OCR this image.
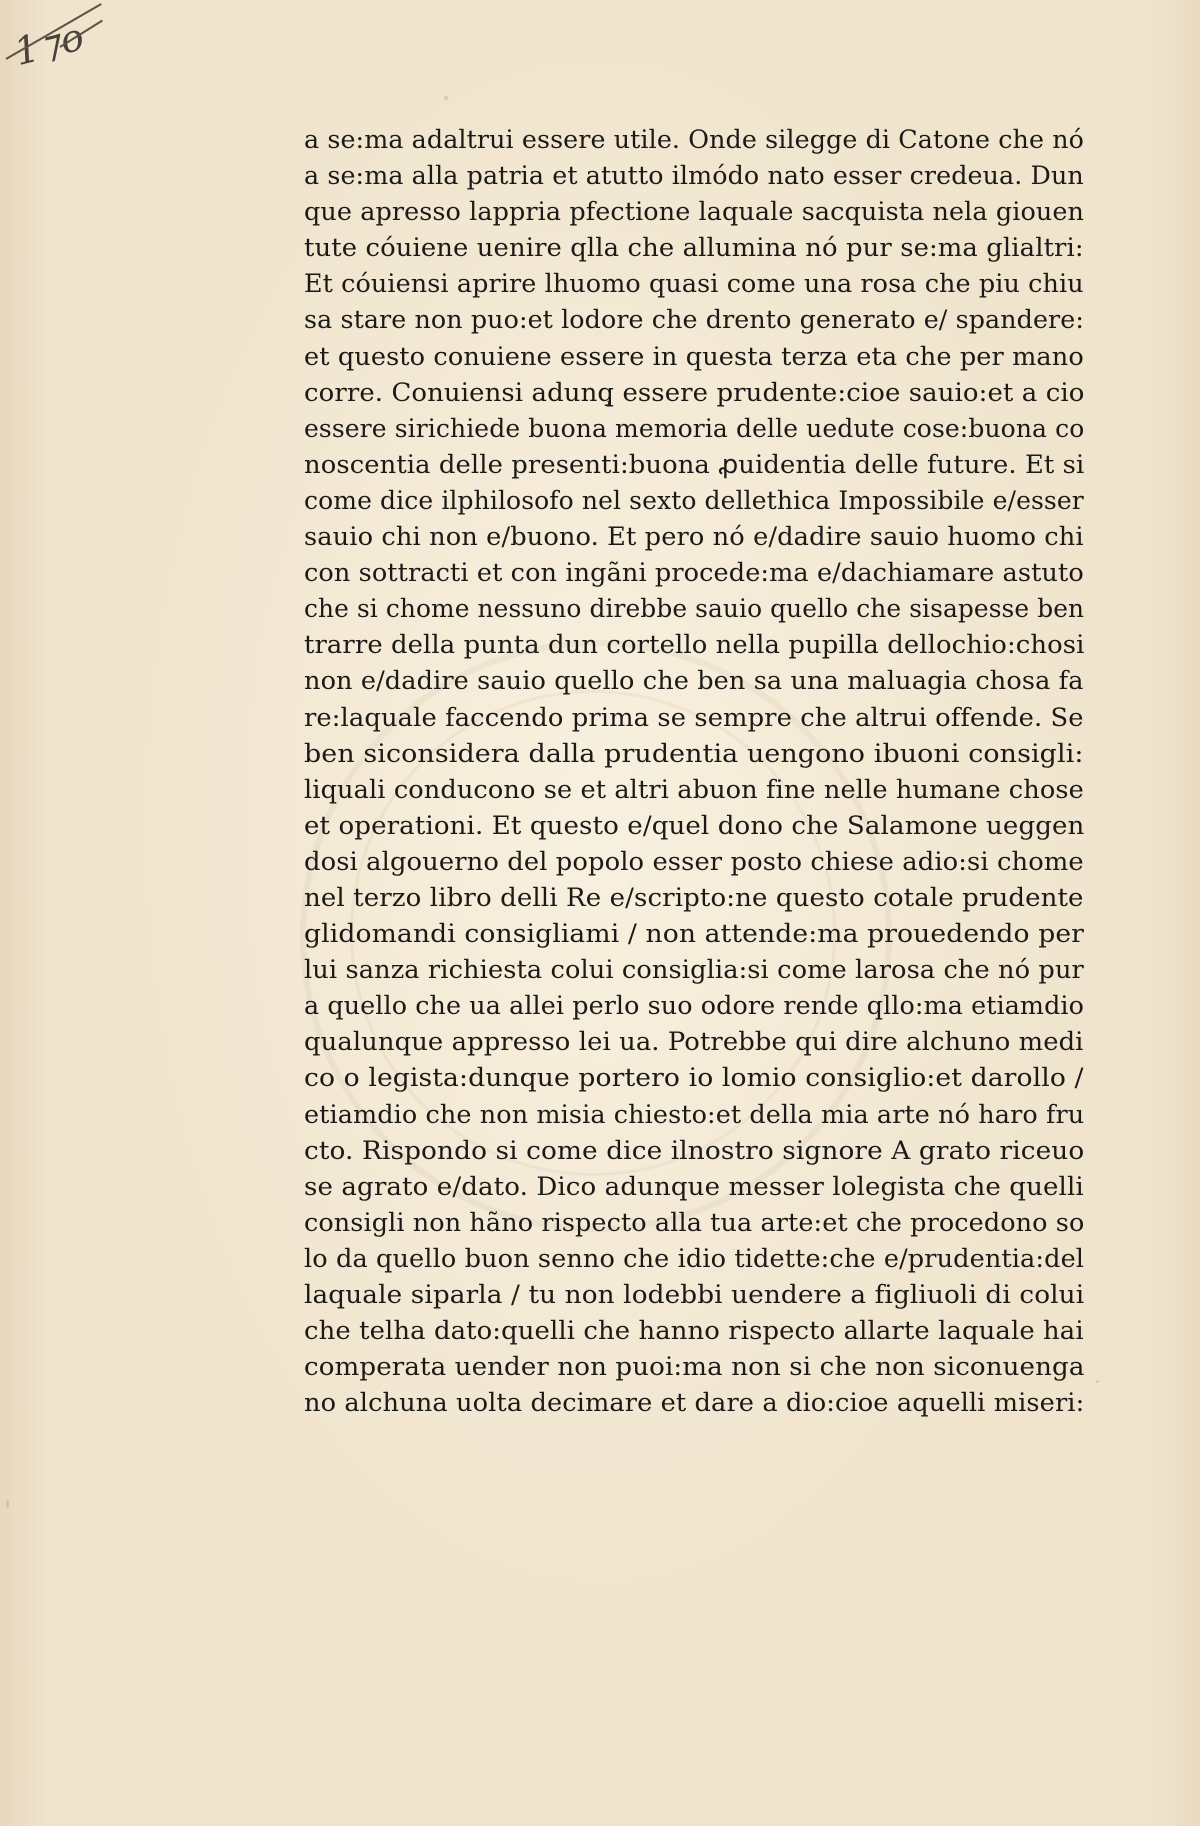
1⁊o
a se:ma adaltrui essere utile. Onde silegge di Catone che nó
a se:ma alla patria et atutto ilmódo nato esser credeua. Dun
que apresso lappria pfectione laquale sacquista nela giouen
tute cóuiene uenire qlla che allumina nó pur se:ma glialtri:
Et cóuiensi aprire lhuomo quasi come una rosa che piu chiu
sa stare non puo:et lodore che drento generato e/ spandere:
et questo conuiene essere in questa terza eta che per mano
corre. Conuiensi adunq̧ essere prudente:cioe sauio:et a cio
essere sirichiede buona memoria delle uedute cose:buona co
noscentia delle presenti:buona ꝓuidentia delle future. Et si
come dice ilphilosofo nel sexto dellethica Impossibile e/esser
sauio chi non e/buono. Et pero nó e/dadire sauio huomo chi
con sottracti et con ingãni procede:ma e/dachiamare astuto
che si chome nessuno direbbe sauio quello che sisapesse ben
trarre della punta dun cortello nella pupilla dellochio:chosi
non e/dadire sauio quello che ben sa una maluagia chosa fa
re:laquale faccendo prima se sempre che altrui offende. Se
ben siconsidera dalla prudentia uengono ibuoni consigli:
liquali conducono se et altri abuon fine nelle humane chose
et operationi. Et questo e/quel dono che Salamone ueggen
dosi algouerno del popolo esser posto chiese adio:si chome
nel terzo libro delli Re e/scripto:ne questo cotale prudente
glidomandi consigliami / non attende:ma prouedendo per
lui sanza richiesta colui consiglia:si come larosa che nó pur
a quello che ua allei perlo suo odore rende qllo:ma etiamdio
qualunque appresso lei ua. Potrebbe qui dire alchuno medi
co o legista:dunque portero io lomio consiglio:et darollo /
etiamdio che non misia chiesto:et della mia arte nó haro fru
cto. Rispondo si come dice ilnostro signore A grato riceuo
se agrato e/dato. Dico adunque messer lolegista che quelli
consigli non hãno rispecto alla tua arte:et che procedono so
lo da quello buon senno che idio tidette:che e/prudentia:del
laquale siparla / tu non lodebbi uendere a figliuoli di colui
che telha dato:quelli che hanno rispecto allarte laquale hai
comperata uender non puoi:ma non si che non siconuenga
no alchuna uolta decimare et dare a dio:cioe aquelli miseri:
